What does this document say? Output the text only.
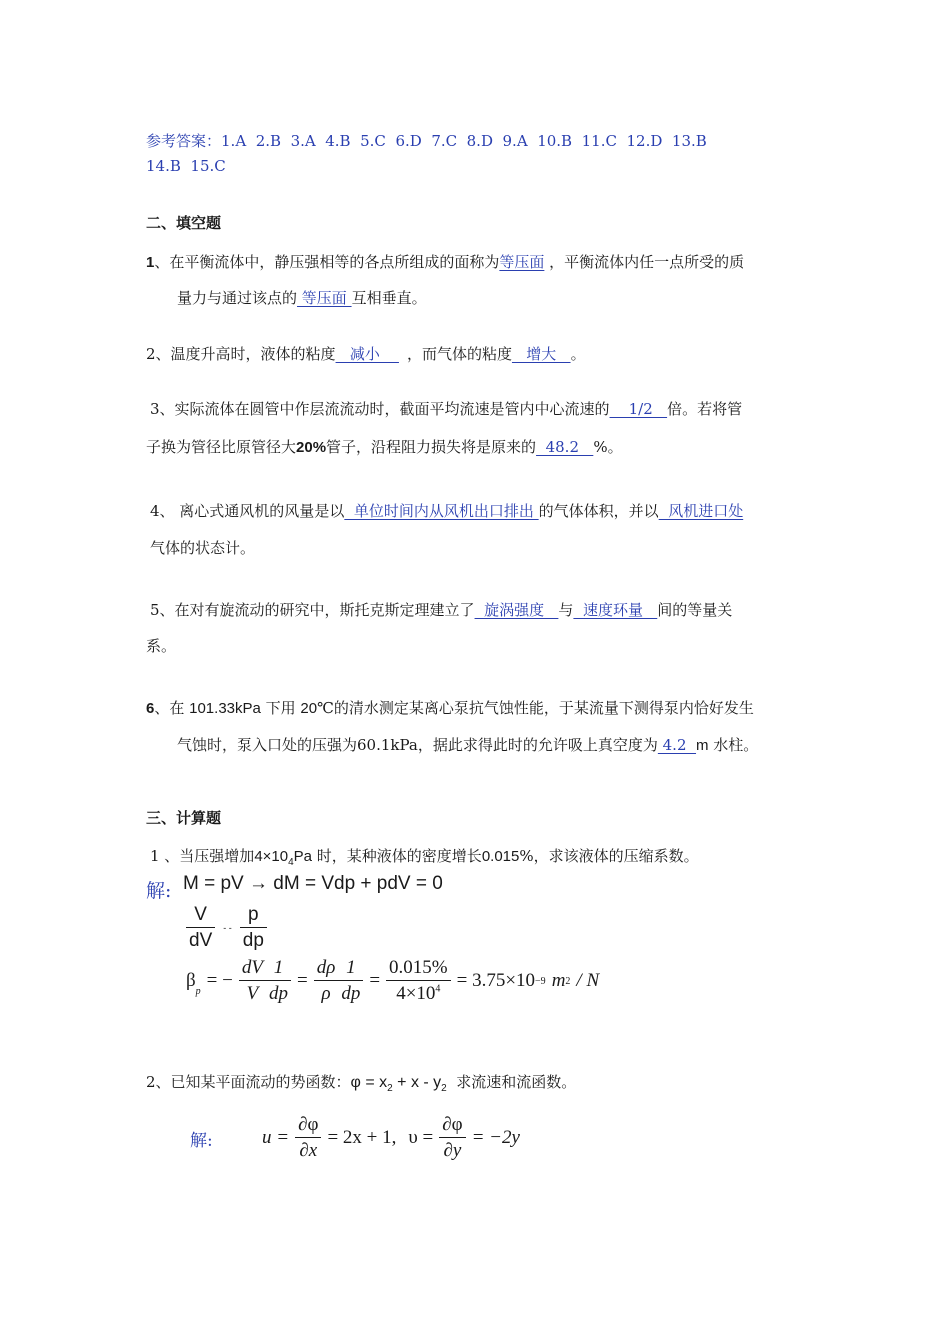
参考答案：1.A  2.B  3.A  4.B  5.C  6.D  7.C  8.D  9.A  10.B  11.C  12.D  13.B
14.B  15.C
二、填空题
1、在平衡流体中，静压强相等的各点所组成的面称为等压面 ，平衡流体内任一点所受的质
量力与通过该点的 等压面 互相垂直。
2、温度升高时，液体的粘度   减小    ，而气体的粘度   增大   。
3、实际流体在圆管中作层流流动时，截面平均流速是管内中心流速的    1/2   倍。若将管
子换为管径比原管径大20%管子，沿程阻力损失将是原来的  48.2   %。
4、 离心式通风机的风量是以  单位时间内从风机出口排出 的气体体积，并以  风机进口处
气体的状态计。
5、在对有旋流动的研究中，斯托克斯定理建立了  旋涡强度   与  速度环量   间的等量关
系。
6、在 101.33kPa 下用 20℃的清水测定某离心泵抗气蚀性能，于某流量下测得泵内恰好发生
气蚀时，泵入口处的压强为60.1kPa，据此求得此时的允许吸上真空度为 4.2  m 水柱。
三、计算题
1 、当压强增加$4\times 10_4Pa$ 时，某种液体的密度增长0.015%，求该液体的压缩系数。
解: M = pV → dM = Vdp + pdV = 0
$\frac{V}{dV}$ - - $\frac{p}{dp}$
$\beta_p$ = − $\frac{dV}{V} \frac{1}{dp} = \frac{d\rho}{\rho} \frac{1}{dp} = \frac{0.015\%}{4\times 10^4} = 3.75\times 10 -9$ m 2 / N
2、已知某平面流动的势函数：$\varphi = x_2 + x - y_2$  求流速和流函数。
解:	$u = \frac{\partial\varphi}{\partial x} = 2x + 1$, $\upsilon = \frac{\partial\varphi}{\partial y} = -2y$
